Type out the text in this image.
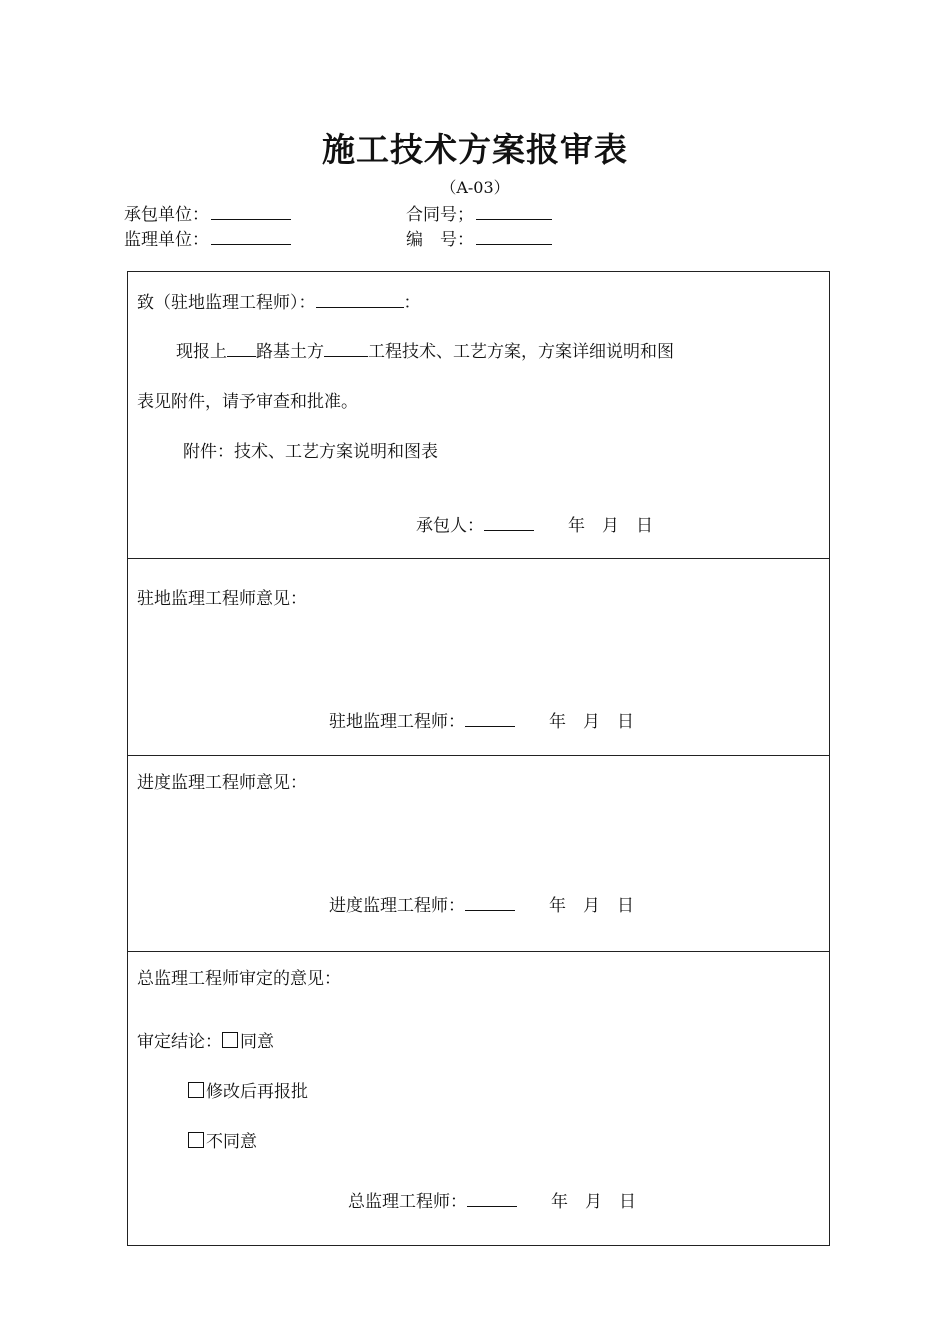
施工技术方案报审表
（A-03）
承包单位：	合同号；
监理单位：	编　号：
致（驻地监理工程师）：	：
现报上 路基土方	工程技术、工艺方案，方案详细说明和图
表见附件，请予审查和批准。
附件：技术、工艺方案说明和图表
承包人：	年　月　日
驻地监理工程师意见：
驻地监理工程师：	年　月　日
进度监理工程师意见：
进度监理工程师：	年　月　日
总监理工程师审定的意见：
审定结论： 同意
修改后再报批
不同意
总监理工程师：	年　月　日
